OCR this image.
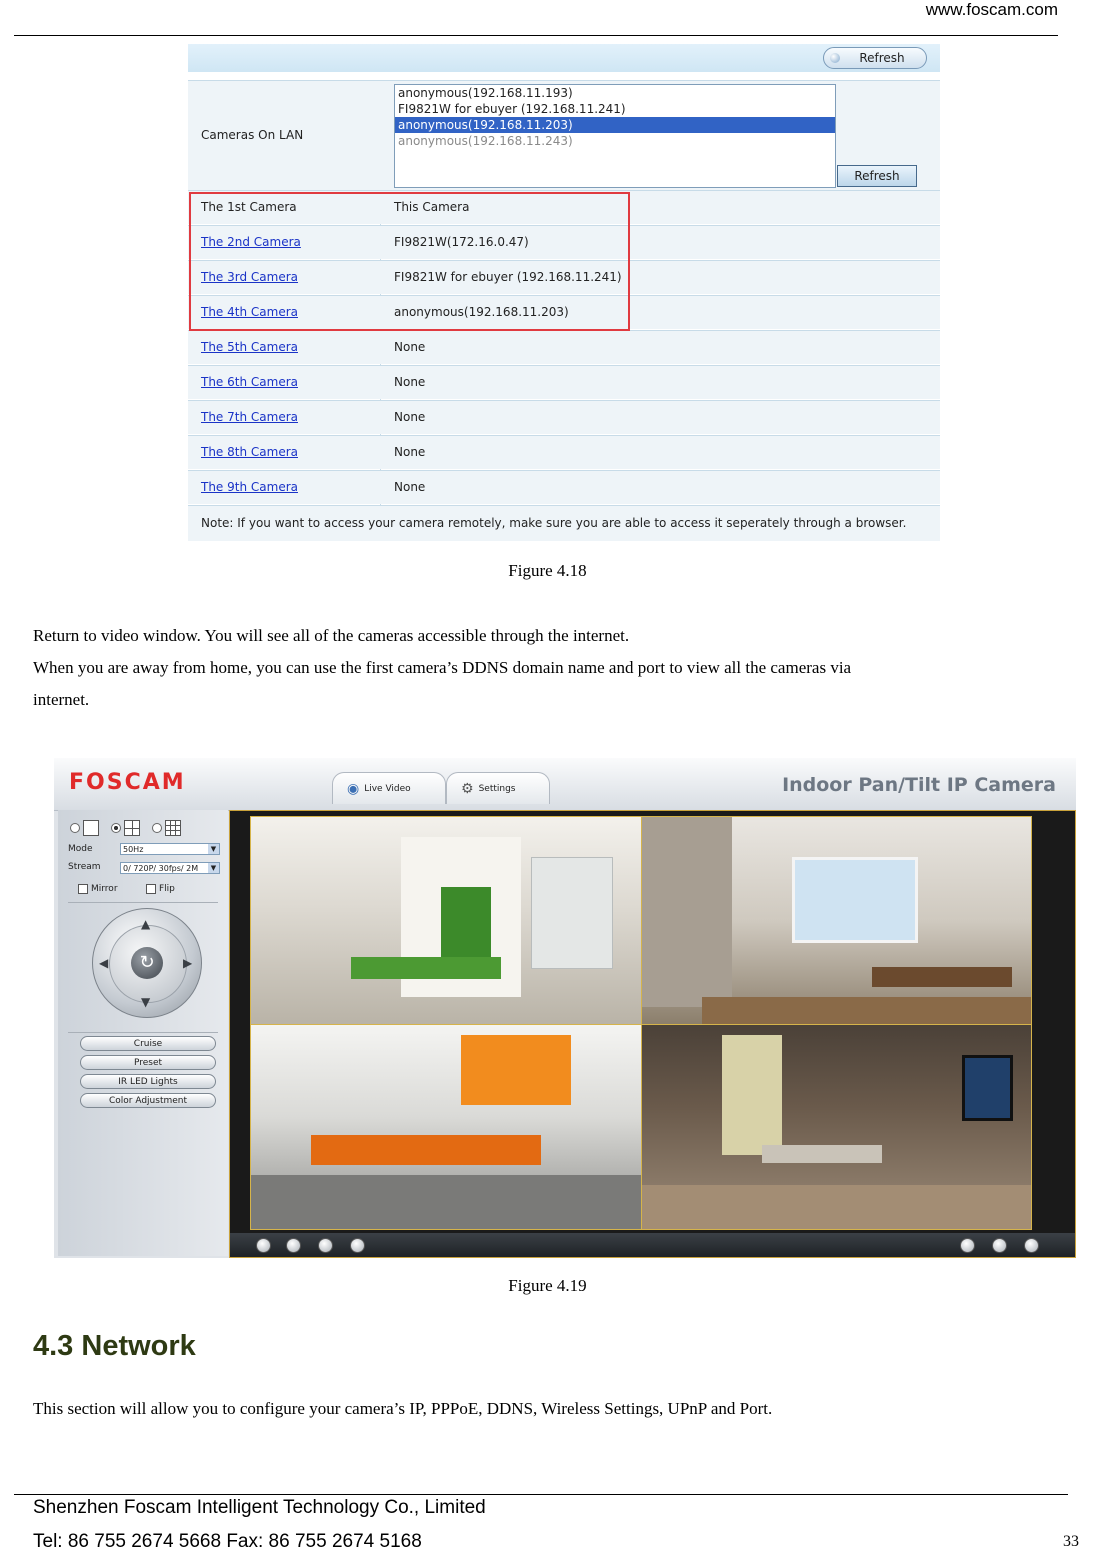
www.foscam.com
Refresh
Cameras On LAN
anonymous(192.168.11.193)
FI9821W for ebuyer (192.168.11.241)
anonymous(192.168.11.203)
anonymous(192.168.11.243)
Refresh
The 1st Camera	This Camera
The 2nd Camera	FI9821W(172.16.0.47)
The 3rd Camera	FI9821W for ebuyer (192.168.11.241)
The 4th Camera	anonymous(192.168.11.203)
The 5th Camera	None
The 6th Camera	None
The 7th Camera	None
The 8th Camera	None
The 9th Camera	None
Note: If you want to access your camera remotely, make sure you are able to access it seperately through a browser.
Figure 4.18
Return to video window. You will see all of the cameras accessible through the internet.
When you are away from home, you can use the first camera’s DDNS domain name and port to view all the cameras via
internet.
FOSCAM	◉ Live Video	⚙ Settings	Indoor Pan/Tilt IP Camera
Mode	50Hz	▼
Stream	0/ 720P/ 30fps/ 2M	▼
Mirror	Flip
▲
▼
◀	▶
↻
Cruise
Preset
IR LED Lights
Color Adjustment
Figure 4.19
4.3 Network
This section will allow you to configure your camera’s IP, PPPoE, DDNS, Wireless Settings, UPnP and Port.
Shenzhen Foscam Intelligent Technology Co., Limited
Tel: 86 755 2674 5668 Fax: 86 755 2674 5168	33
